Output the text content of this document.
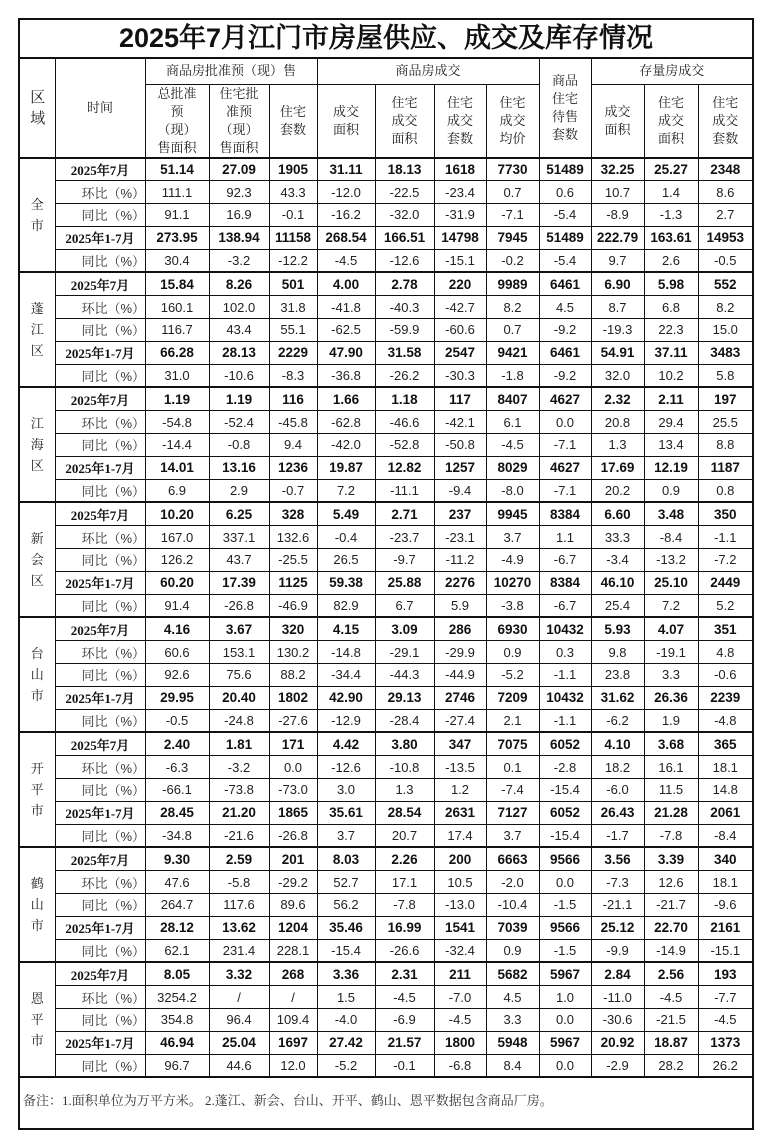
2025年7月江门市房屋供应、成交及库存情况												

区域	时间	商品房批准预（现）售			商品房成交				商品住宅待售套数	存量房成交		

		总批准预（现）售面积	住宅批准预（现）售面积	住宅套数	成交面积	住宅成交面积	住宅成交套数	住宅成交均价		成交面积	住宅成交面积	住宅成交套数

全市	2025年7月	51.14	27.09	1905	31.11	18.13	1618	7730	51489	32.25	25.27	2348
	环比（%）	111.1	92.3	43.3	-12.0	-22.5	-23.4	0.7	0.6	10.7	1.4	8.6
	同比（%）	91.1	16.9	-0.1	-16.2	-32.0	-31.9	-7.1	-5.4	-8.9	-1.3	2.7
	2025年1-7月	273.95	138.94	11158	268.54	166.51	14798	7945	51489	222.79	163.61	14953
	同比（%）	30.4	-3.2	-12.2	-4.5	-12.6	-15.1	-0.2	-5.4	9.7	2.6	-0.5

蓬江区	2025年7月	15.84	8.26	501	4.00	2.78	220	9989	6461	6.90	5.98	552
	环比（%）	160.1	102.0	31.8	-41.8	-40.3	-42.7	8.2	4.5	8.7	6.8	8.2
	同比（%）	116.7	43.4	55.1	-62.5	-59.9	-60.6	0.7	-9.2	-19.3	22.3	15.0
	2025年1-7月	66.28	28.13	2229	47.90	31.58	2547	9421	6461	54.91	37.11	3483
	同比（%）	31.0	-10.6	-8.3	-36.8	-26.2	-30.3	-1.8	-9.2	32.0	10.2	5.8

江海区	2025年7月	1.19	1.19	116	1.66	1.18	117	8407	4627	2.32	2.11	197
	环比（%）	-54.8	-52.4	-45.8	-62.8	-46.6	-42.1	6.1	0.0	20.8	29.4	25.5
	同比（%）	-14.4	-0.8	9.4	-42.0	-52.8	-50.8	-4.5	-7.1	1.3	13.4	8.8
	2025年1-7月	14.01	13.16	1236	19.87	12.82	1257	8029	4627	17.69	12.19	1187
	同比（%）	6.9	2.9	-0.7	7.2	-11.1	-9.4	-8.0	-7.1	20.2	0.9	0.8

新会区	2025年7月	10.20	6.25	328	5.49	2.71	237	9945	8384	6.60	3.48	350
	环比（%）	167.0	337.1	132.6	-0.4	-23.7	-23.1	3.7	1.1	33.3	-8.4	-1.1
	同比（%）	126.2	43.7	-25.5	26.5	-9.7	-11.2	-4.9	-6.7	-3.4	-13.2	-7.2
	2025年1-7月	60.20	17.39	1125	59.38	25.88	2276	10270	8384	46.10	25.10	2449
	同比（%）	91.4	-26.8	-46.9	82.9	6.7	5.9	-3.8	-6.7	25.4	7.2	5.2

台山市	2025年7月	4.16	3.67	320	4.15	3.09	286	6930	10432	5.93	4.07	351
	环比（%）	60.6	153.1	130.2	-14.8	-29.1	-29.9	0.9	0.3	9.8	-19.1	4.8
	同比（%）	92.6	75.6	88.2	-34.4	-44.3	-44.9	-5.2	-1.1	23.8	3.3	-0.6
	2025年1-7月	29.95	20.40	1802	42.90	29.13	2746	7209	10432	31.62	26.36	2239
	同比（%）	-0.5	-24.8	-27.6	-12.9	-28.4	-27.4	2.1	-1.1	-6.2	1.9	-4.8

开平市	2025年7月	2.40	1.81	171	4.42	3.80	347	7075	6052	4.10	3.68	365
	环比（%）	-6.3	-3.2	0.0	-12.6	-10.8	-13.5	0.1	-2.8	18.2	16.1	18.1
	同比（%）	-66.1	-73.8	-73.0	3.0	1.3	1.2	-7.4	-15.4	-6.0	11.5	14.8
	2025年1-7月	28.45	21.20	1865	35.61	28.54	2631	7127	6052	26.43	21.28	2061
	同比（%）	-34.8	-21.6	-26.8	3.7	20.7	17.4	3.7	-15.4	-1.7	-7.8	-8.4

鹤山市	2025年7月	9.30	2.59	201	8.03	2.26	200	6663	9566	3.56	3.39	340
	环比（%）	47.6	-5.8	-29.2	52.7	17.1	10.5	-2.0	0.0	-7.3	12.6	18.1
	同比（%）	264.7	117.6	89.6	56.2	-7.8	-13.0	-10.4	-1.5	-21.1	-21.7	-9.6
	2025年1-7月	28.12	13.62	1204	35.46	16.99	1541	7039	9566	25.12	22.70	2161
	同比（%）	62.1	231.4	228.1	-15.4	-26.6	-32.4	0.9	-1.5	-9.9	-14.9	-15.1

恩平市	2025年7月	8.05	3.32	268	3.36	2.31	211	5682	5967	2.84	2.56	193
	环比（%）	3254.2	/	/	1.5	-4.5	-7.0	4.5	1.0	-11.0	-4.5	-7.7
	同比（%）	354.8	96.4	109.4	-4.0	-6.9	-4.5	3.3	0.0	-30.6	-21.5	-4.5
	2025年1-7月	46.94	25.04	1697	27.42	21.57	1800	5948	5967	20.92	18.87	1373
	同比（%）	96.7	44.6	12.0	-5.2	-0.1	-6.8	8.4	0.0	-2.9	28.2	26.2
备注：1.面积单位为万平方米。 2.蓬江、新会、台山、开平、鹤山、恩平数据包含商品厂房。												
